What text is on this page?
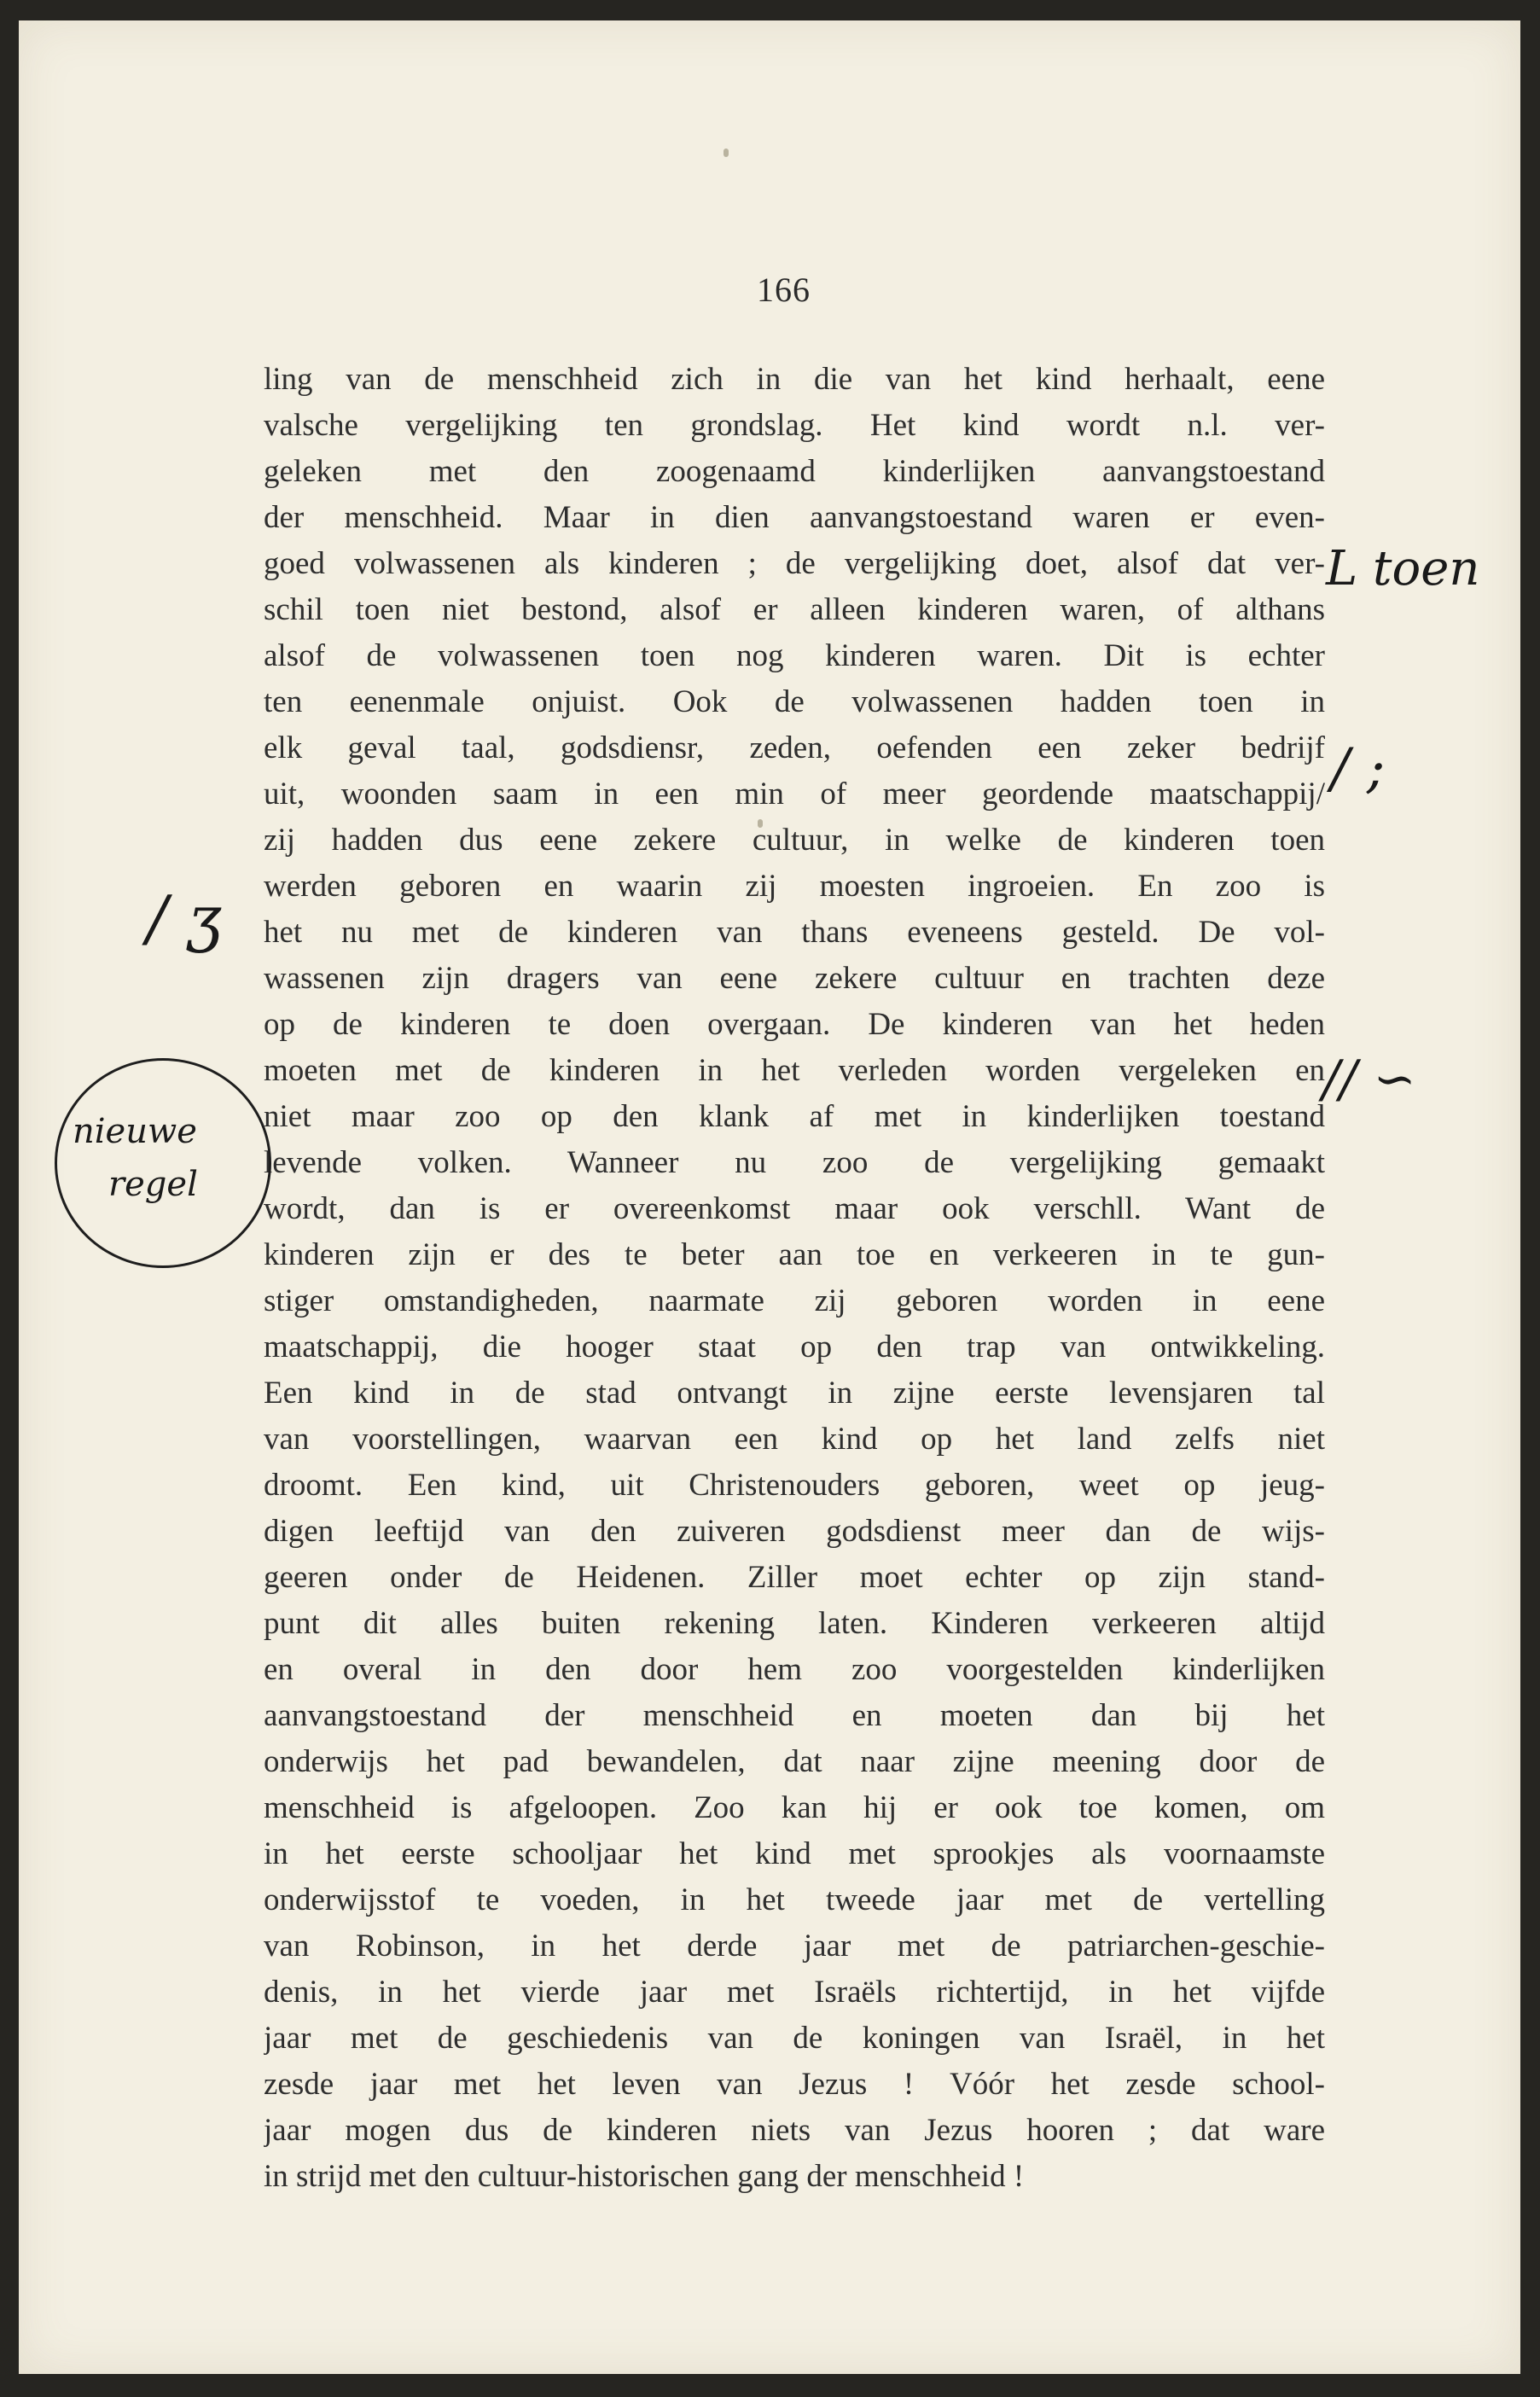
166
ling van de menschheid zich in die van het kind herhaalt, eene
valsche vergelijking ten grondslag. Het kind wordt n.l. ver-
geleken met den zoogenaamd kinderlijken aanvangstoestand
der menschheid. Maar in dien aanvangstoestand waren er even-
goed volwassenen als kinderen ; de vergelijking doet, alsof dat ver-
schil toen niet bestond, alsof er alleen kinderen waren, of althans
alsof de volwassenen toen nog kinderen waren. Dit is echter
ten eenenmale onjuist. Ook de volwassenen hadden toen in
elk geval taal, godsdiensr, zeden, oefenden een zeker bedrijf
uit, woonden saam in een min of meer geordende maatschappij/
zij hadden dus eene zekere cultuur, in welke de kinderen toen
werden geboren en waarin zij moesten ingroeien. En zoo is
het nu met de kinderen van thans eveneens gesteld. De vol-
wassenen zijn dragers van eene zekere cultuur en trachten deze
op de kinderen te doen overgaan. De kinderen van het heden
moeten met de kinderen in het verleden worden vergeleken en
niet maar zoo op den klank af met in kinderlijken toestand
levende volken. Wanneer nu zoo de vergelijking gemaakt
wordt, dan is er overeenkomst maar ook verschll. Want de
kinderen zijn er des te beter aan toe en verkeeren in te gun-
stiger omstandigheden, naarmate zij geboren worden in eene
maatschappij, die hooger staat op den trap van ontwikkeling.
Een kind in de stad ontvangt in zijne eerste levensjaren tal
van voorstellingen, waarvan een kind op het land zelfs niet
droomt. Een kind, uit Christenouders geboren, weet op jeug-
digen leeftijd van den zuiveren godsdienst meer dan de wijs-
geeren onder de Heidenen. Ziller moet echter op zijn stand-
punt dit alles buiten rekening laten. Kinderen verkeeren altijd
en overal in den door hem zoo voorgestelden kinderlijken
aanvangstoestand der menschheid en moeten dan bij het
onderwijs het pad bewandelen, dat naar zijne meening door de
menschheid is afgeloopen. Zoo kan hij er ook toe komen, om
in het eerste schooljaar het kind met sprookjes als voornaamste
onderwijsstof te voeden, in het tweede jaar met de vertelling
van Robinson, in het derde jaar met de patriarchen-geschie-
denis, in het vierde jaar met Israëls richtertijd, in het vijfde
jaar met de geschiedenis van de koningen van Israël, in het
zesde jaar met het leven van Jezus ! Vóór het zesde school-
jaar mogen dus de kinderen niets van Jezus hooren ; dat ware
in strijd met den cultuur-historischen gang der menschheid !
L toen
/ ;
/ ʒ
// ∽
nieuwe
regel
